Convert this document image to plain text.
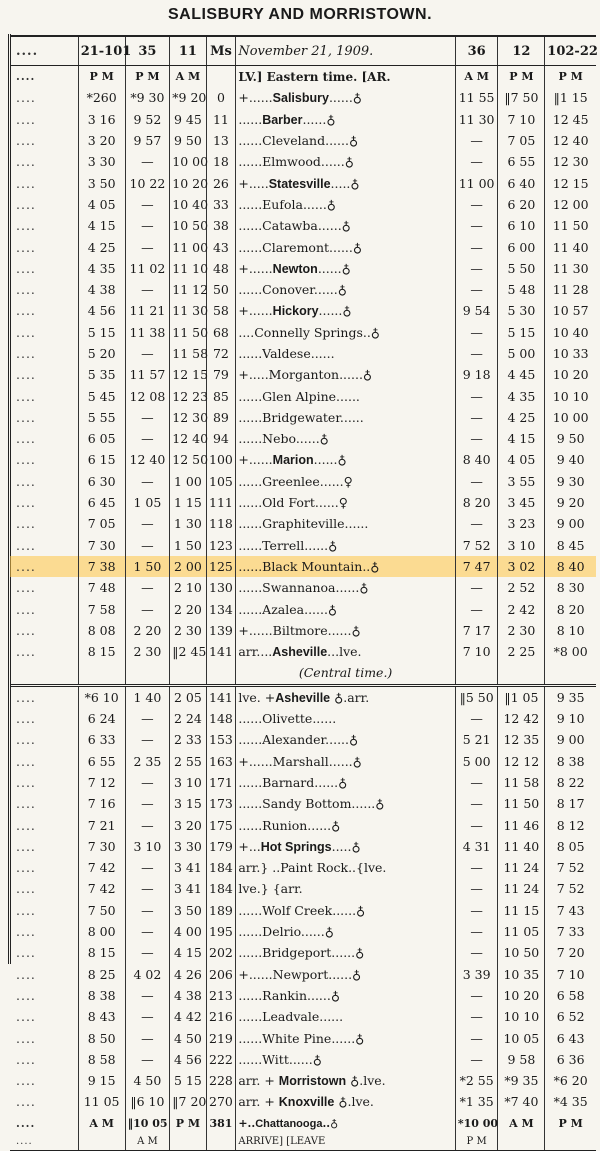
SALISBURY AND MORRISTOWN.
....	21-101	35	11	Ms	November 21, 1909.	36	12	102-22
....	P M	P M	A M		LV.] Eastern time. [AR.	A M	P M	P M
....	*260	*9 30	*9 20	0	+......Salisbury......♁	11 55	‖7 50	‖1 15
....	3 16	9 52	9 45	11	......Barber......♁	11 30	7 10	12 45
....	3 20	9 57	9 50	13	......Cleveland......♁	—	7 05	12 40
....	3 30	—	10 00	18	......Elmwood......♁	—	6 55	12 30
....	3 50	10 22	10 20	26	+.....Statesville.....♁	11 00	6 40	12 15
....	4 05	—	10 40	33	......Eufola......♁	—	6 20	12 00
....	4 15	—	10 50	38	......Catawba......♁	—	6 10	11 50
....	4 25	—	11 00	43	......Claremont......♁	—	6 00	11 40
....	4 35	11 02	11 10	48	+......Newton......♁	—	5 50	11 30
....	4 38	—	11 12	50	......Conover......♁	—	5 48	11 28
....	4 56	11 21	11 30	58	+......Hickory......♁	9 54	5 30	10 57
....	5 15	11 38	11 50	68	....Connelly Springs..♁	—	5 15	10 40
....	5 20	—	11 58	72	......Valdese......	—	5 00	10 33
....	5 35	11 57	12 15	79	+.....Morganton......♁	9 18	4 45	10 20
....	5 45	12 08	12 23	85	......Glen Alpine......	—	4 35	10 10
....	5 55	—	12 30	89	......Bridgewater......	—	4 25	10 00
....	6 05	—	12 40	94	......Nebo......♁	—	4 15	9 50
....	6 15	12 40	12 50	100	+......Marion......♁	8 40	4 05	9 40
....	6 30	—	1 00	105	......Greenlee......♀	—	3 55	9 30
....	6 45	1 05	1 15	111	......Old Fort......♀	8 20	3 45	9 20
....	7 05	—	1 30	118	......Graphiteville......	—	3 23	9 00
....	7 30	—	1 50	123	......Terrell......♁	7 52	3 10	8 45
....	7 38	1 50	2 00	125	......Black Mountain..♁	7 47	3 02	8 40
....	7 48	—	2 10	130	......Swannanoa......♁	—	2 52	8 30
....	7 58	—	2 20	134	......Azalea......♁	—	2 42	8 20
....	8 08	2 20	2 30	139	+......Biltmore......♁	7 17	2 30	8 10
....	8 15	2 30	‖2 45	141	arr....Asheville...lve.	7 10	2 25	*8 00
					(Central time.)			
....	*6 10	1 40	2 05	141	lve. +Asheville ♁.arr.	‖5 50	‖1 05	9 35
....	6 24	—	2 24	148	......Olivette......	—	12 42	9 10
....	6 33	—	2 33	153	......Alexander......♁	5 21	12 35	9 00
....	6 55	2 35	2 55	163	+......Marshall......♁	5 00	12 12	8 38
....	7 12	—	3 10	171	......Barnard......♁	—	11 58	8 22
....	7 16	—	3 15	173	......Sandy Bottom......♁	—	11 50	8 17
....	7 21	—	3 20	175	......Runion......♁	—	11 46	8 12
....	7 30	3 10	3 30	179	+...Hot Springs.....♁	4 31	11 40	8 05
....	7 42	—	3 41	184	arr.} ..Paint Rock..{lve.	—	11 24	7 52
....	7 42	—	3 41	184	lve.} {arr.	—	11 24	7 52
....	7 50	—	3 50	189	......Wolf Creek......♁	—	11 15	7 43
....	8 00	—	4 00	195	......Delrio......♁	—	11 05	7 33
....	8 15	—	4 15	202	......Bridgeport......♁	—	10 50	7 20
....	8 25	4 02	4 26	206	+......Newport......♁	3 39	10 35	7 10
....	8 38	—	4 38	213	......Rankin......♁	—	10 20	6 58
....	8 43	—	4 42	216	......Leadvale......	—	10 10	6 52
....	8 50	—	4 50	219	......White Pine......♁	—	10 05	6 43
....	8 58	—	4 56	222	......Witt......♁	—	9 58	6 36
....	9 15	4 50	5 15	228	arr. + Morristown ♁.lve.	*2 55	*9 35	*6 20
....	11 05	‖6 10	‖7 20	270	arr. + Knoxville ♁.lve.	*1 35	*7 40	*4 35
....	A M	‖10 05	P M	381	+..Chattanooga..♁	*10 00	A M	P M
....		A M			ARRIVE] [LEAVE	P M		
